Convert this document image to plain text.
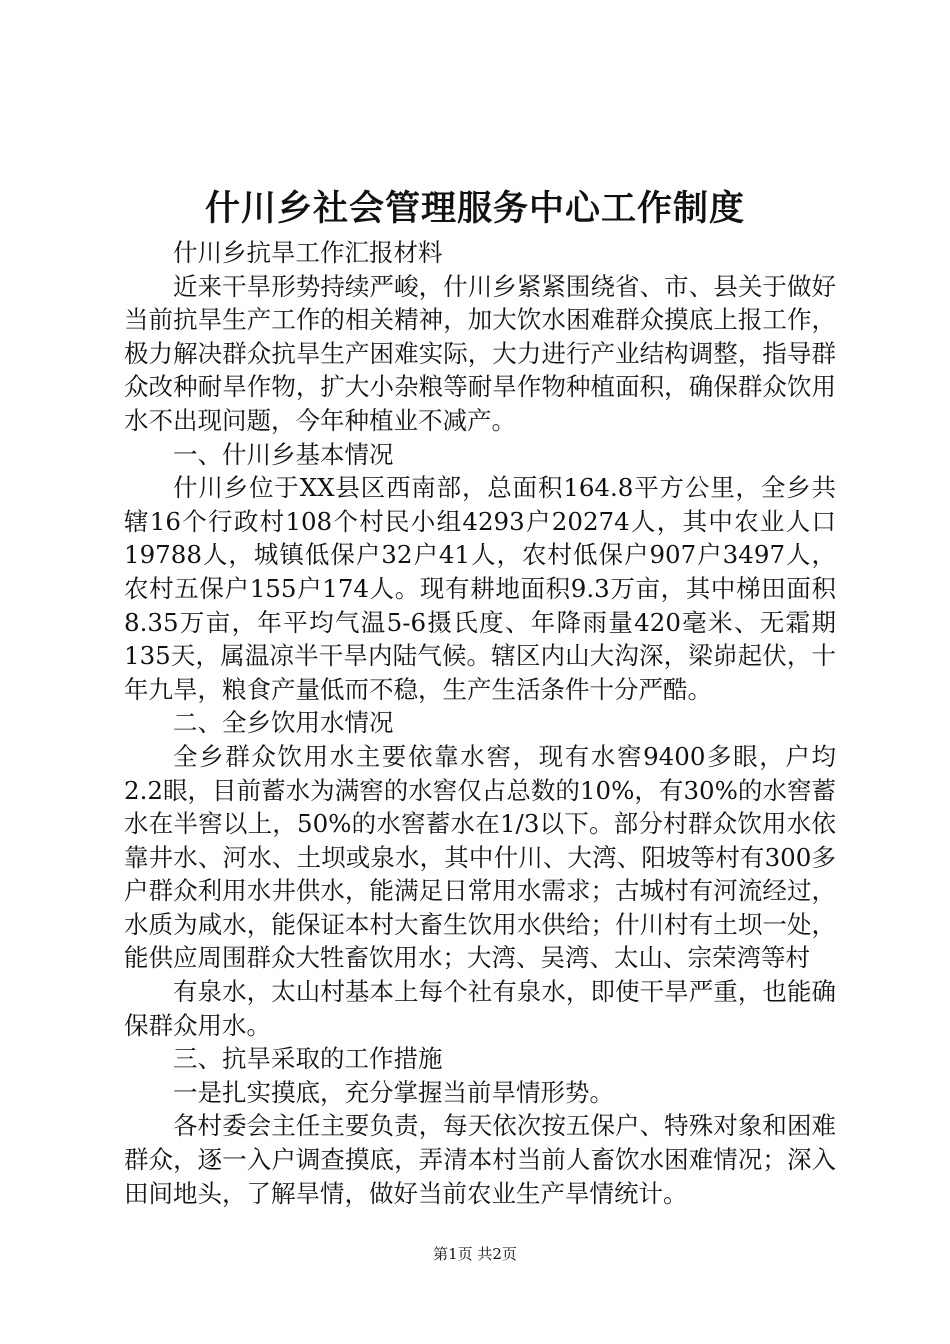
什川乡社会管理服务中心工作制度

什川乡抗旱工作汇报材料

近来干旱形势持续严峻，什川乡紧紧围绕省、市、县关于做好当前抗旱生产工作的相关精神，加大饮水困难群众摸底上报工作，极力解决群众抗旱生产困难实际，大力进行产业结构调整，指导群众改种耐旱作物，扩大小杂粮等耐旱作物种植面积，确保群众饮用水不出现问题，今年种植业不减产。

一、什川乡基本情况

什川乡位于XX县区西南部，总面积164.8平方公里，全乡共辖16个行政村108个村民小组4293户20274人，其中农业人口19788人，城镇低保户32户41人，农村低保户907户3497人，农村五保户155户174人。现有耕地面积9.3万亩，其中梯田面积8.35万亩，年平均气温5-6摄氏度、年降雨量420毫米、无霜期135天，属温凉半干旱内陆气候。辖区内山大沟深，梁峁起伏，十年九旱，粮食产量低而不稳，生产生活条件十分严酷。

二、全乡饮用水情况

全乡群众饮用水主要依靠水窖，现有水窖9400多眼，户均2.2眼，目前蓄水为满窖的水窖仅占总数的10%，有30%的水窖蓄水在半窖以上，50%的水窖蓄水在1/3以下。部分村群众饮用水依靠井水、河水、土坝或泉水，其中什川、大湾、阳坡等村有300多户群众利用水井供水，能满足日常用水需求；古城村有河流经过，水质为咸水，能保证本村大畜生饮用水供给；什川村有土坝一处，能供应周围群众大牲畜饮用水；大湾、吴湾、太山、宗荣湾等村

有泉水，太山村基本上每个社有泉水，即使干旱严重，也能确保群众用水。

三、抗旱采取的工作措施

一是扎实摸底，充分掌握当前旱情形势。

各村委会主任主要负责，每天依次按五保户、特殊对象和困难群众，逐一入户调查摸底，弄清本村当前人畜饮水困难情况；深入田间地头，了解旱情，做好当前农业生产旱情统计。

第1页 共2页
